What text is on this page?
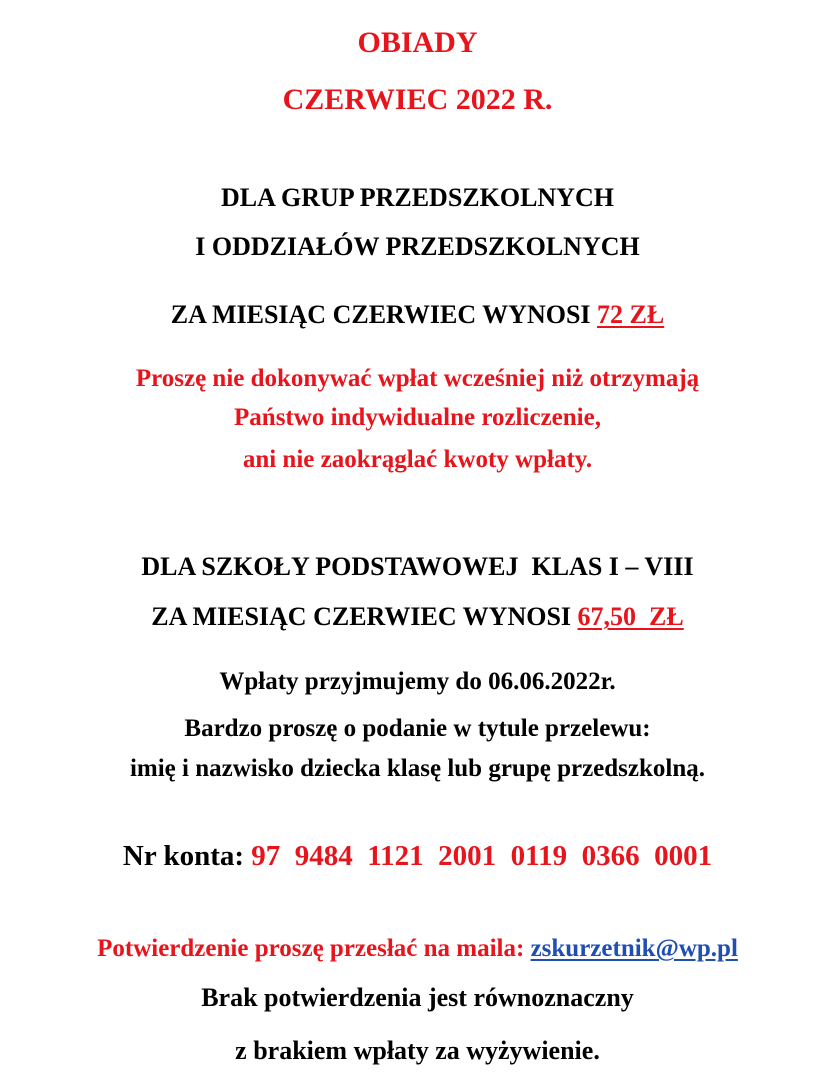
OBIADY
CZERWIEC 2022 R.
DLA GRUP PRZEDSZKOLNYCH
I ODDZIAŁÓW PRZEDSZKOLNYCH
ZA MIESIĄC CZERWIEC WYNOSI 72 ZŁ
Proszę nie dokonywać wpłat wcześniej niż otrzymają
Państwo indywidualne rozliczenie,
ani nie zaokrąglać kwoty wpłaty.
DLA SZKOŁY PODSTAWOWEJ  KLAS I – VIII
ZA MIESIĄC CZERWIEC WYNOSI 67,50  ZŁ
Wpłaty przyjmujemy do 06.06.2022r.
Bardzo proszę o podanie w tytule przelewu:
imię i nazwisko dziecka klasę lub grupę przedszkolną.
Nr konta: 97  9484  1121  2001  0119  0366  0001
Potwierdzenie proszę przesłać na maila: zskurzetnik@wp.pl
Brak potwierdzenia jest równoznaczny
z brakiem wpłaty za wyżywienie.
